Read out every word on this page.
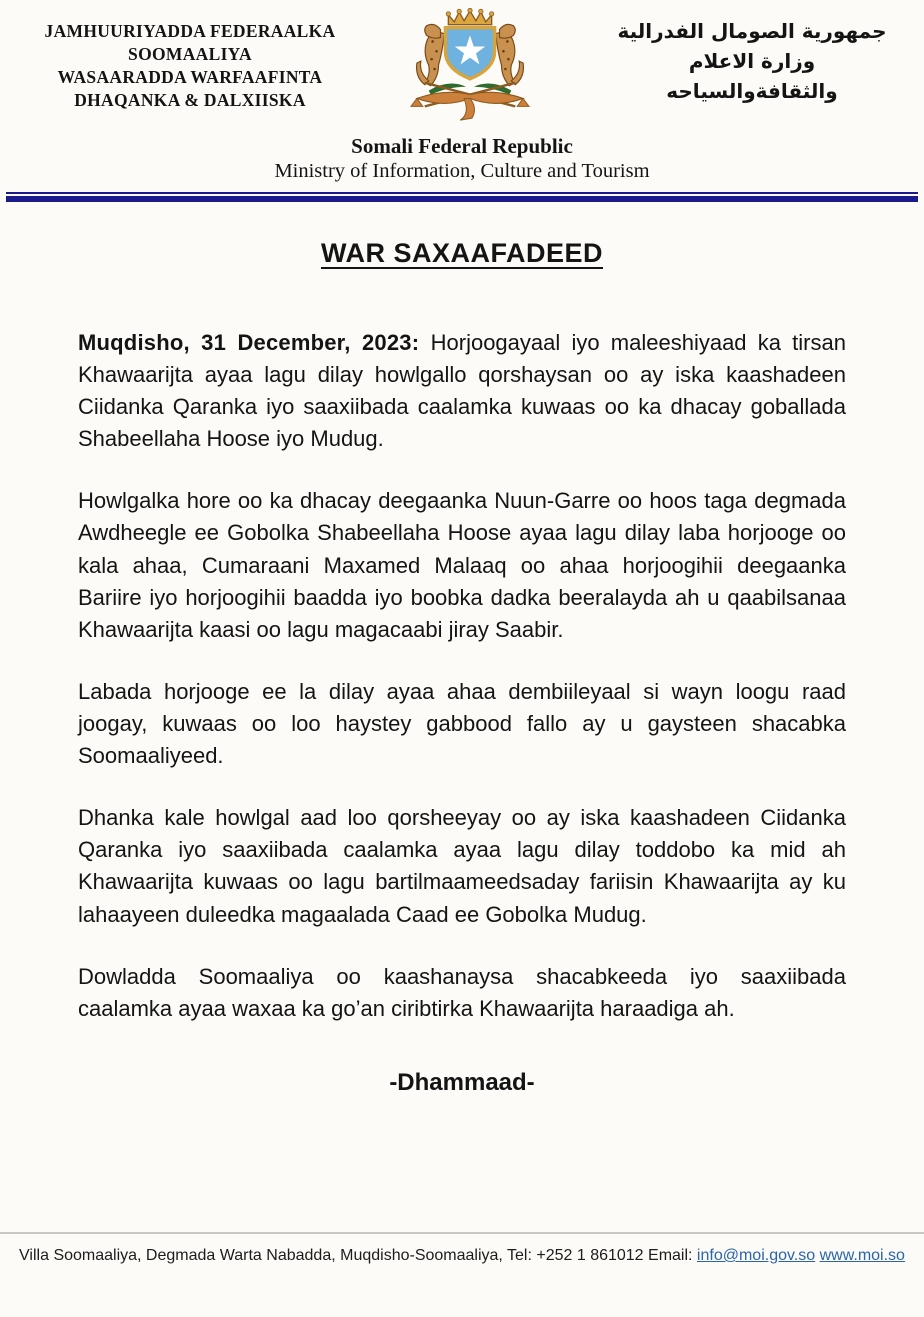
JAMHUURIYADDA FEDERAALKA
SOOMAALIYA
WASAARADDA WARFAAFINTA
DHAQANKA & DALXIISKA
جمهورية الصومال الفدرالية
وزارة الاعلام
والثقافةوالسياحه
Somali Federal Republic
Ministry of Information, Culture and Tourism
WAR SAXAAFADEED

Muqdisho, 31 December, 2023: Horjoogayaal iyo maleeshiyaad ka tirsan Khawaarijta ayaa lagu dilay howlgallo qorshaysan oo ay iska kaashadeen Ciidanka Qaranka iyo saaxiibada caalamka kuwaas oo ka dhacay goballada Shabeellaha Hoose iyo Mudug.

Howlgalka hore oo ka dhacay deegaanka Nuun-Garre oo hoos taga degmada Awdheegle ee Gobolka Shabeellaha Hoose ayaa lagu dilay laba horjooge oo kala ahaa, Cumaraani Maxamed Malaaq oo ahaa horjoogihii deegaanka Bariire iyo horjoogihii baadda iyo boobka dadka beeralayda ah u qaabilsanaa Khawaarijta kaasi oo lagu magacaabi jiray Saabir.

Labada horjooge ee la dilay ayaa ahaa dembiileyaal si wayn loogu raad joogay, kuwaas oo loo haystey gabbood fallo ay u gaysteen shacabka Soomaaliyeed.

Dhanka kale howlgal aad loo qorsheeyay oo ay iska kaashadeen Ciidanka Qaranka iyo saaxiibada caalamka ayaa lagu dilay toddobo ka mid ah Khawaarijta kuwaas oo lagu bartilmaameedsaday fariisin Khawaarijta ay ku lahaayeen duleedka magaalada Caad ee Gobolka Mudug.

Dowladda Soomaaliya oo kaashanaysa shacabkeeda iyo saaxiibada caalamka ayaa waxaa ka go’an ciribtirka Khawaarijta haraadiga ah.

-Dhammaad-
Villa Soomaaliya, Degmada Warta Nabadda, Muqdisho-Soomaaliya, Tel: +252 1 861012 Email: info@moi.gov.so www.moi.so
